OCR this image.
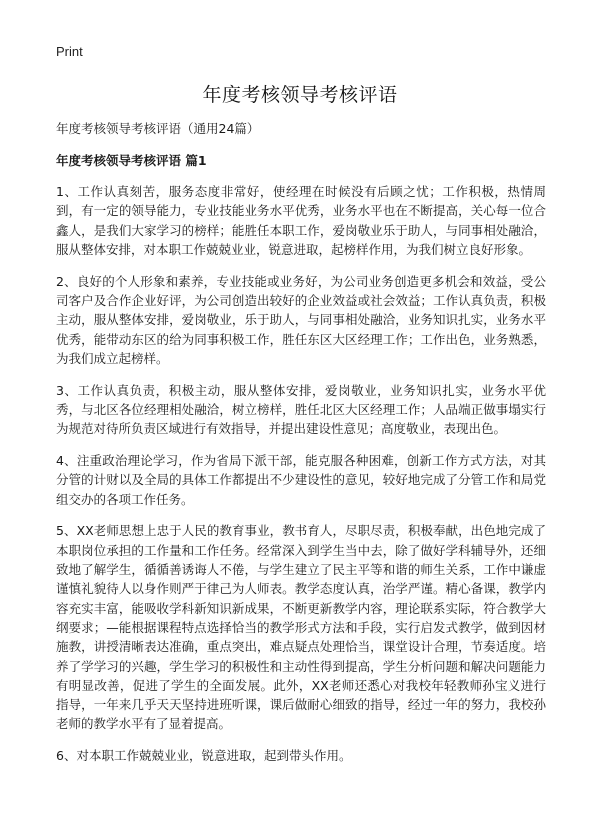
Print
年度考核领导考核评语

年度考核领导考核评语（通用24篇）

年度考核领导考核评语 篇1

1、工作认真刻苦，服务态度非常好，使经理在时候没有后顾之忧；工作积极，热情周到，有一定的领导能力，专业技能业务水平优秀，业务水平也在不断提高，关心每一位合鑫人，是我们大家学习的榜样；能胜任本职工作，爱岗敬业乐于助人，与同事相处融洽，服从整体安排，对本职工作兢兢业业，锐意进取，起榜样作用，为我们树立良好形象。

2、良好的个人形象和素养，专业技能或业务好，为公司业务创造更多机会和效益，受公司客户及合作企业好评，为公司创造出较好的企业效益或社会效益；工作认真负责，积极主动，服从整体安排，爱岗敬业，乐于助人，与同事相处融洽，业务知识扎实，业务水平优秀，能带动东区的给为同事积极工作，胜任东区大区经理工作；工作出色，业务熟悉，为我们成立起榜样。

3、工作认真负责，积极主动，服从整体安排，爱岗敬业，业务知识扎实，业务水平优秀，与北区各位经理相处融洽，树立榜样，胜任北区大区经理工作；人品端正做事塌实行为规范对待所负责区域进行有效指导，并提出建设性意见；高度敬业，表现出色。

4、注重政治理论学习，作为省局下派干部，能克服各种困难，创新工作方式方法，对其分管的计财以及全局的具体工作都提出不少建设性的意见，较好地完成了分管工作和局党组交办的各项工作任务。

5、XX老师思想上忠于人民的教育事业，教书育人，尽职尽责，积极奉献，出色地完成了本职岗位承担的工作量和工作任务。经常深入到学生当中去，除了做好学科辅导外，还细致地了解学生，循循善诱诲人不倦，与学生建立了民主平等和谐的师生关系，工作中谦虚谨慎礼貌待人以身作则严于律己为人师表。教学态度认真，治学严谨。精心备课，教学内容充实丰富，能吸收学科新知识新成果，不断更新教学内容，理论联系实际，符合教学大纲要求；—能根据课程特点选择恰当的教学形式方法和手段，实行启发式教学，做到因材施教，讲授清晰表达准确，重点突出，难点疑点处理恰当，课堂设计合理，节奏适度。培养了学学习的兴趣，学生学习的积极性和主动性得到提高，学生分析问题和解决问题能力有明显改善，促进了学生的全面发展。此外，XX老师还悉心对我校年轻教师孙宝义进行指导，一年来几乎天天坚持进班听课，课后做耐心细致的指导，经过一年的努力，我校孙老师的教学水平有了显着提高。

6、对本职工作兢兢业业，锐意进取，起到带头作用。
